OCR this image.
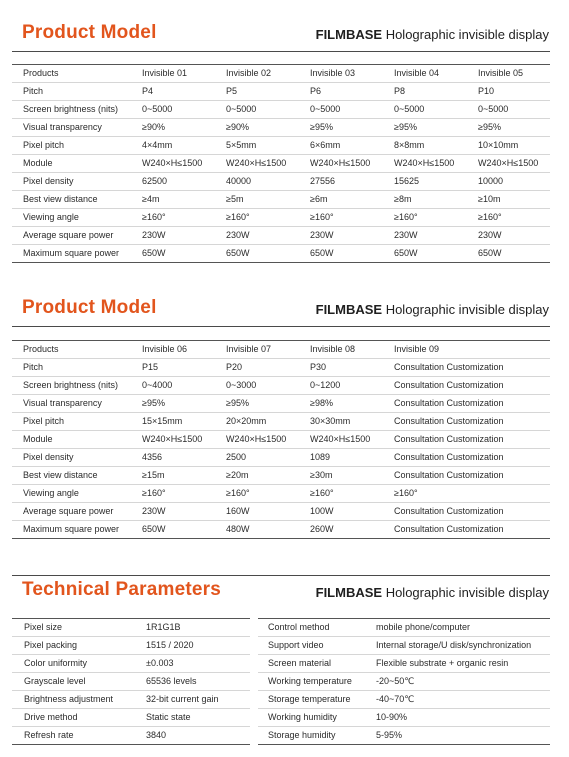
Product Model	FILMBASE Holographic invisible display
Products	Invisible 01	Invisible 02	Invisible 03	Invisible 04	Invisible 05
Pitch	P4	P5	P6	P8	P10
Screen brightness (nits)	0~5000	0~5000	0~5000	0~5000	0~5000
Visual transparency	≥90%	≥90%	≥95%	≥95%	≥95%
Pixel pitch	4×4mm	5×5mm	6×6mm	8×8mm	10×10mm
Module	W240×H≤1500	W240×H≤1500	W240×H≤1500	W240×H≤1500	W240×H≤1500
Pixel density	62500	40000	27556	15625	10000
Best view distance	≥4m	≥5m	≥6m	≥8m	≥10m
Viewing angle	≥160°	≥160°	≥160°	≥160°	≥160°
Average square power	230W	230W	230W	230W	230W
Maximum square power	650W	650W	650W	650W	650W
Product Model	FILMBASE Holographic invisible display
Products	Invisible 06	Invisible 07	Invisible 08	Invisible 09
Pitch	P15	P20	P30	Consultation Customization
Screen brightness (nits)	0~4000	0~3000	0~1200	Consultation Customization
Visual transparency	≥95%	≥95%	≥98%	Consultation Customization
Pixel pitch	15×15mm	20×20mm	30×30mm	Consultation Customization
Module	W240×H≤1500	W240×H≤1500	W240×H≤1500	Consultation Customization
Pixel density	4356	2500	1089	Consultation Customization
Best view distance	≥15m	≥20m	≥30m	Consultation Customization
Viewing angle	≥160°	≥160°	≥160°	≥160°
Average square power	230W	160W	100W	Consultation Customization
Maximum square power	650W	480W	260W	Consultation Customization
Technical Parameters	FILMBASE Holographic invisible display
Pixel size	1R1G1B
Pixel packing	1515 / 2020
Color uniformity	±0.003
Grayscale level	65536 levels
Brightness adjustment	32-bit current gain
Drive method	Static state
Refresh rate	3840
Control method	mobile phone/computer
Support video	Internal storage/U disk/synchronization
Screen material	Flexible substrate + organic resin
Working temperature	-20~50℃
Storage temperature	-40~70℃
Working humidity	10-90%
Storage humidity	5-95%
